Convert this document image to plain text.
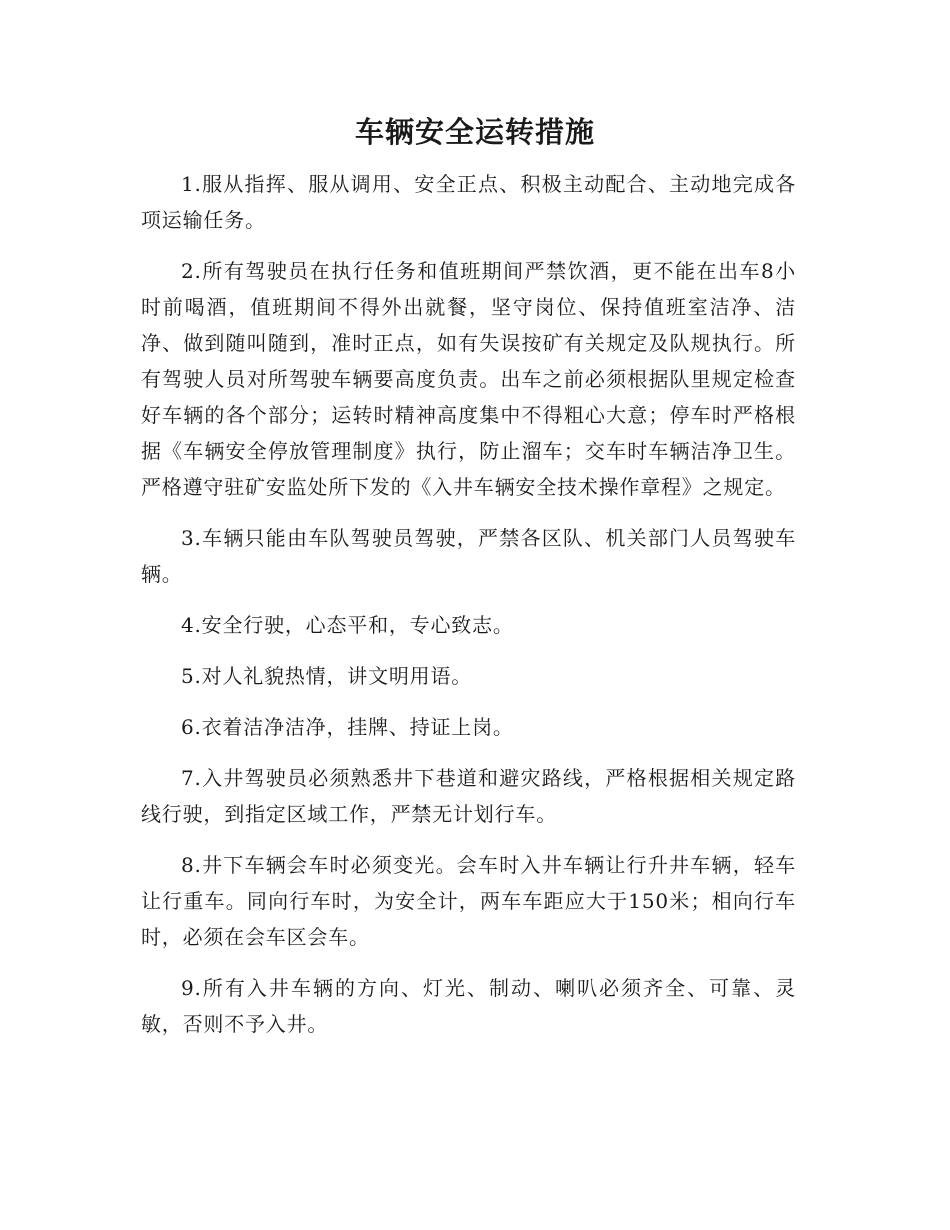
车辆安全运转措施

1.服从指挥、服从调用、安全正点、积极主动配合、主动地完成各项运输任务。

2.所有驾驶员在执行任务和值班期间严禁饮酒，更不能在出车8小时前喝酒，值班期间不得外出就餐，坚守岗位、保持值班室洁净、洁净、做到随叫随到，准时正点，如有失误按矿有关规定及队规执行。所有驾驶人员对所驾驶车辆要高度负责。出车之前必须根据队里规定检查好车辆的各个部分；运转时精神高度集中不得粗心大意；停车时严格根据《车辆安全停放管理制度》执行，防止溜车；交车时车辆洁净卫生。严格遵守驻矿安监处所下发的《入井车辆安全技术操作章程》之规定。

3.车辆只能由车队驾驶员驾驶，严禁各区队、机关部门人员驾驶车辆。

4.安全行驶，心态平和，专心致志。

5.对人礼貌热情，讲文明用语。

6.衣着洁净洁净，挂牌、持证上岗。

7.入井驾驶员必须熟悉井下巷道和避灾路线，严格根据相关规定路线行驶，到指定区域工作，严禁无计划行车。

8.井下车辆会车时必须变光。会车时入井车辆让行升井车辆，轻车让行重车。同向行车时，为安全计，两车车距应大于150米；相向行车时，必须在会车区会车。

9.所有入井车辆的方向、灯光、制动、喇叭必须齐全、可靠、灵敏，否则不予入井。
